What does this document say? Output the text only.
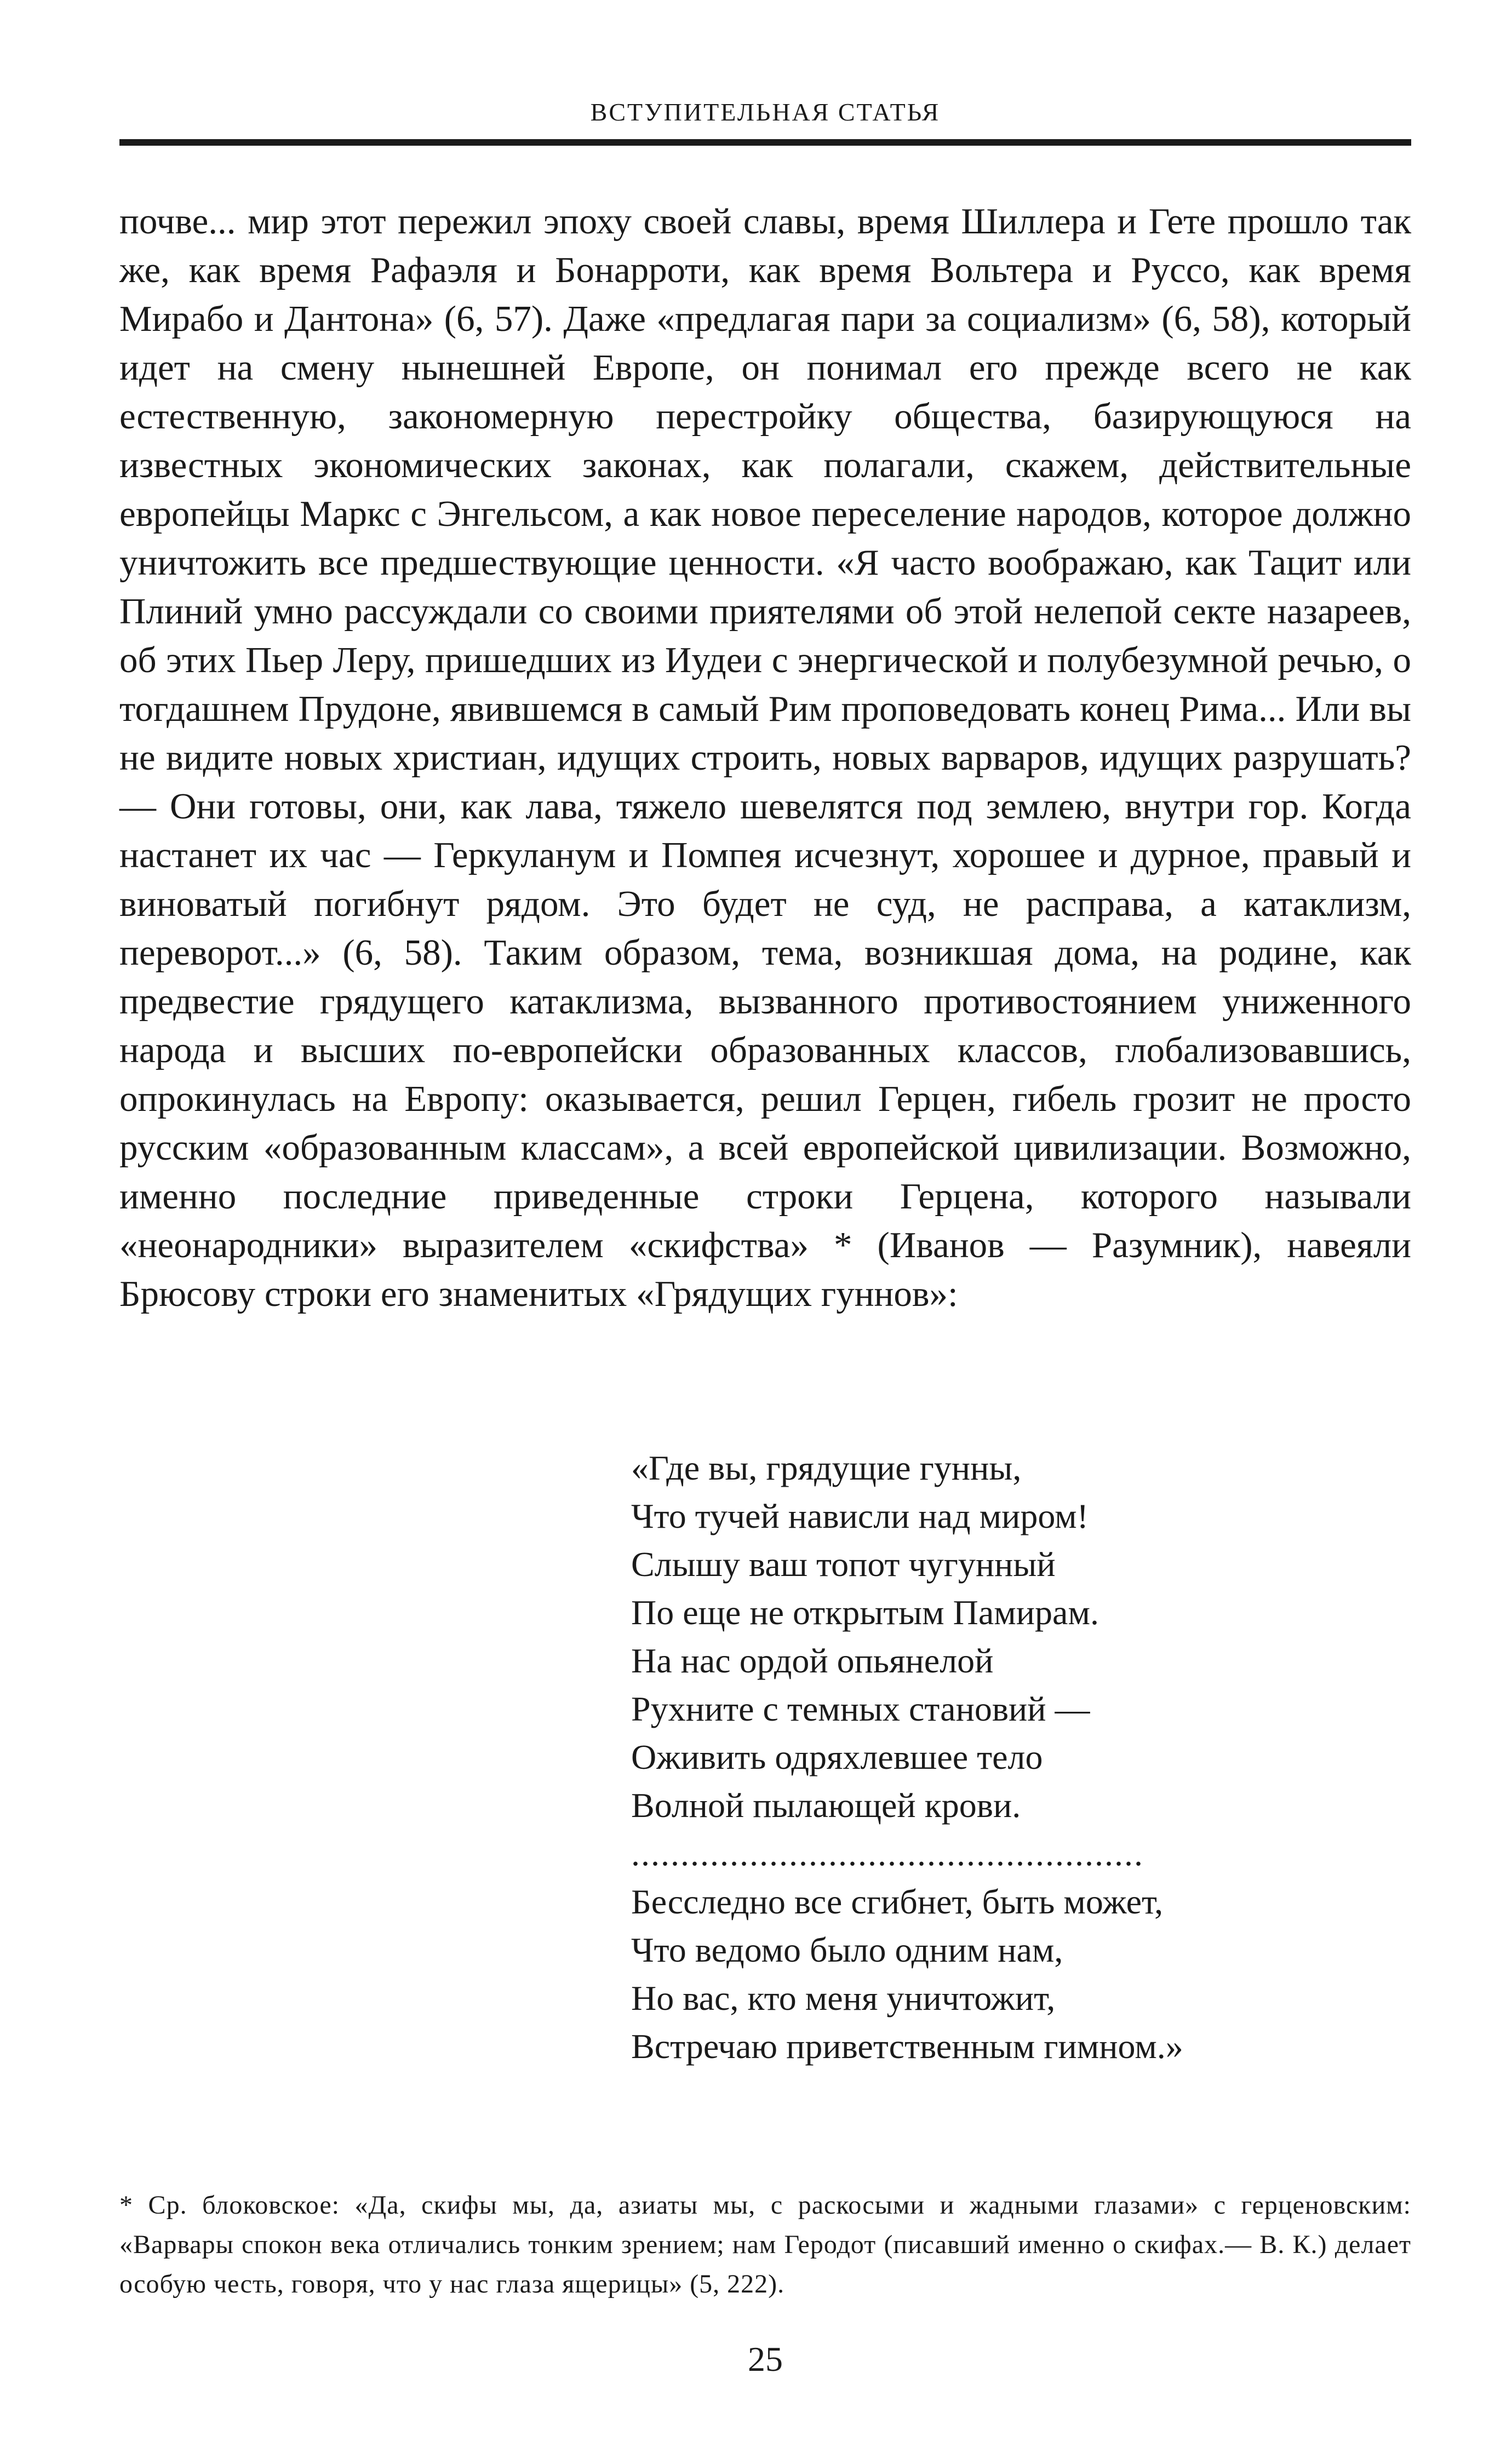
ВСТУПИТЕЛЬНАЯ СТАТЬЯ

почве... мир этот пережил эпоху своей славы, время Шиллера и Гете прошло так же, как время Рафаэля и Бонарроти, как время Вольтера и Руссо, как время Мирабо и Дантона» (6, 57). Даже «предлагая пари за социализм» (6, 58), который идет на смену нынешней Европе, он понимал его прежде всего не как естественную, закономерную перестройку общества, базирующуюся на известных экономических законах, как полагали, скажем, действительные европейцы Маркс с Энгельсом, а как новое переселение народов, которое должно уничтожить все предшествующие ценности. «Я часто воображаю, как Тацит или Плиний умно рассуждали со своими приятелями об этой нелепой секте назареев, об этих Пьер Леру, пришедших из Иудеи с энергической и полубезумной речью, о тогдашнем Прудоне, явившемся в самый Рим проповедовать конец Рима... Или вы не видите новых христиан, идущих строить, новых варваров, идущих разрушать? — Они готовы, они, как лава, тяжело шевелятся под землею, внутри гор. Когда настанет их час — Геркуланум и Помпея исчезнут, хорошее и дурное, правый и виноватый погибнут рядом. Это будет не суд, не расправа, а катаклизм, переворот...» (6, 58). Таким образом, тема, возникшая дома, на родине, как предвестие грядущего катаклизма, вызванного противостоянием униженного народа и высших по-европейски образованных классов, глобализовавшись, опрокинулась на Европу: оказывается, решил Герцен, гибель грозит не просто русским «образованным классам», а всей европейской цивилизации. Возможно, именно последние приведенные строки Герцена, которого называли «неонародники» выразителем «скифства» * (Иванов — Разумник), навеяли Брюсову строки его знаменитых «Грядущих гуннов»:

«Где вы, грядущие гунны,
Что тучей нависли над миром!
Слышу ваш топот чугунный
По еще не открытым Памирам.
На нас ордой опьянелой
Рухните с темных становий —
Оживить одряхлевшее тело
Волной пылающей крови.
....................................................
Бесследно все сгибнет, быть может,
Что ведомо было одним нам,
Но вас, кто меня уничтожит,
Встречаю приветственным гимном.»

* Ср. блоковское: «Да, скифы мы, да, азиаты мы, с раскосыми и жадными глазами» с герценовским: «Варвары спокон века отличались тонким зрением; нам Геродот (писавший именно о скифах.— В. К.) делает особую честь, говоря, что у нас глаза ящерицы» (5, 222).

25
